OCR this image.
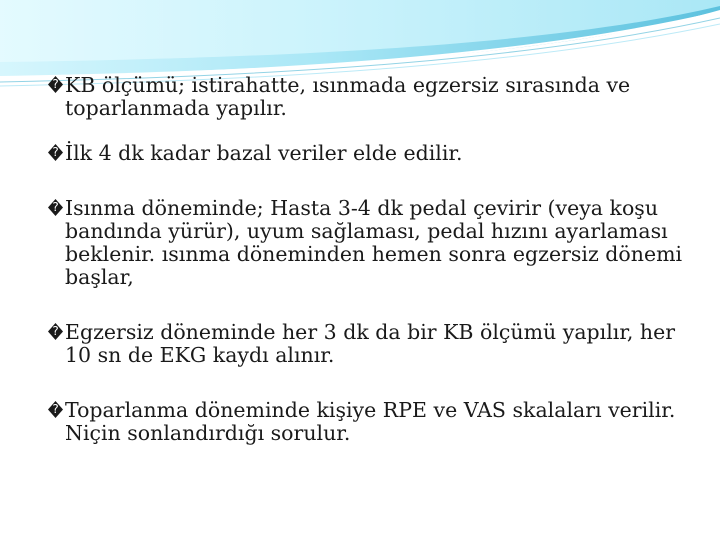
?
KB ölçümü; istirahatte, ısınmada egzersiz sırasında ve toparlanmada yapılır.
?
İlk 4 dk kadar bazal veriler elde edilir.
?
Isınma döneminde; Hasta 3-4 dk pedal çevirir (veya koşu bandında yürür), uyum sağlaması, pedal hızını ayarlaması beklenir. ısınma döneminden hemen sonra egzersiz dönemi başlar,
?
Egzersiz döneminde her 3 dk da bir KB ölçümü yapılır, her 10 sn de EKG kaydı alınır.
?
Toparlanma döneminde kişiye RPE ve VAS skalaları verilir. Niçin sonlandırdığı sorulur.
